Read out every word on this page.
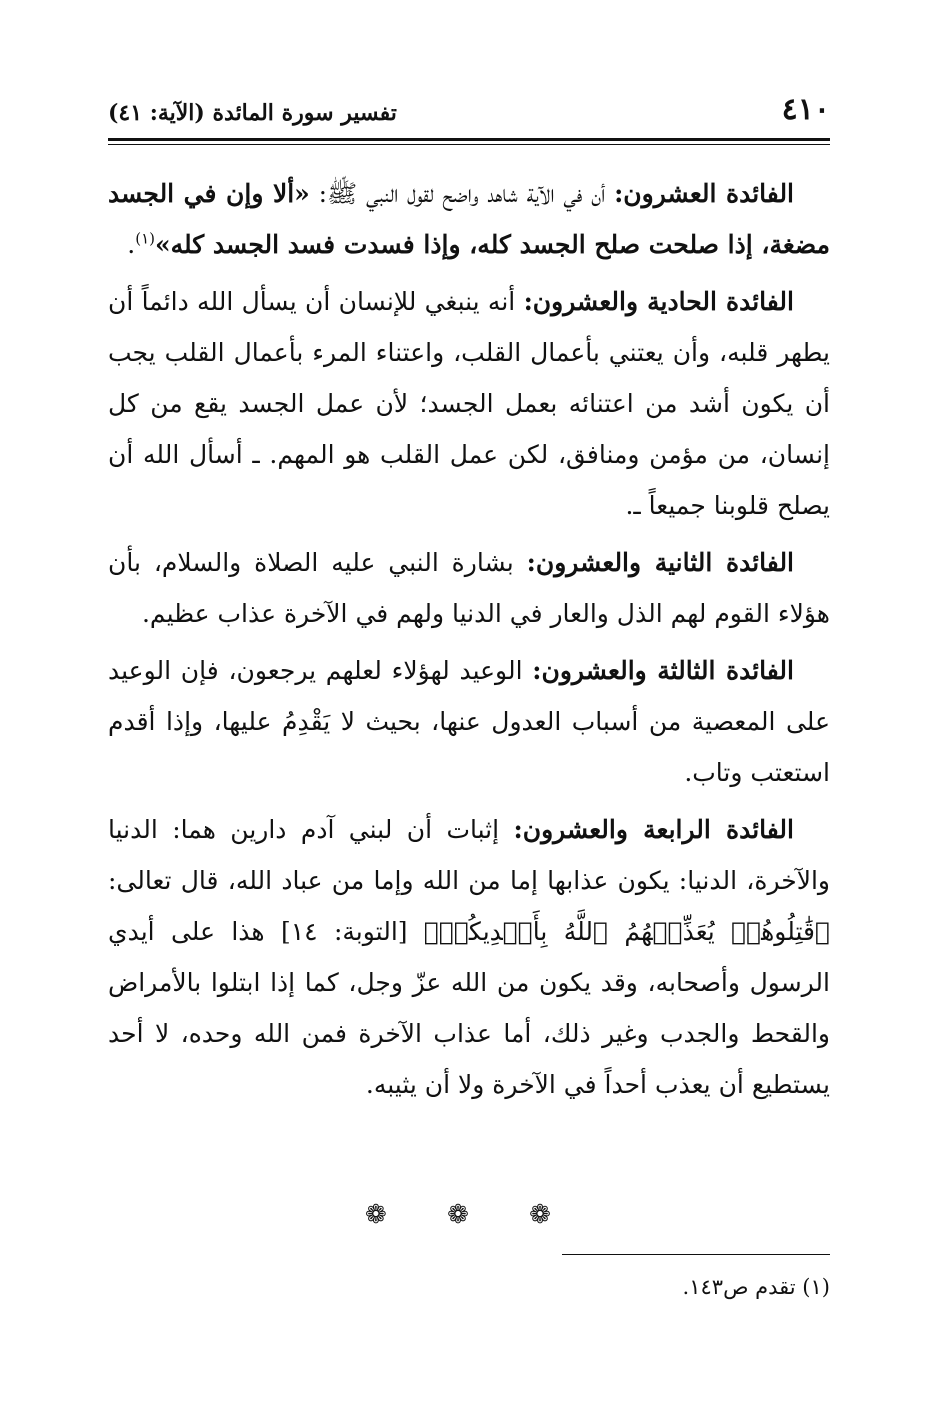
٤١٠
تفسير سورة المائدة (الآية: ٤١)

الفائدة العشرون: أن في الآية شاهد واضح لقول النبي ﷺ: «ألا وإن في الجسد مضغة، إذا صلحت صلح الجسد كله، وإذا فسدت فسد الجسد كله»$^{(١)}$.

الفائدة الحادية والعشرون: أنه ينبغي للإنسان أن يسأل الله دائماً أن يطهر قلبه، وأن يعتني بأعمال القلب، واعتناء المرء بأعمال القلب يجب أن يكون أشد من اعتنائه بعمل الجسد؛ لأن عمل الجسد يقع من كل إنسان، من مؤمن ومنافق، لكن عمل القلب هو المهم. ـ أسأل الله أن يصلح قلوبنا جميعاً ـ.

الفائدة الثانية والعشرون: بشارة النبي عليه الصلاة والسلام، بأن هؤلاء القوم لهم الذل والعار في الدنيا ولهم في الآخرة عذاب عظيم.

الفائدة الثالثة والعشرون: الوعيد لهؤلاء لعلهم يرجعون، فإن الوعيد على المعصية من أسباب العدول عنها، بحيث لا يَقْدِمُ عليها، وإذا أقدم استعتب وتاب.

الفائدة الرابعة والعشرون: إثبات أن لبني آدم دارين هما: الدنيا والآخرة، الدنيا: يكون عذابها إما من الله وإما من عباد الله، قال تعالى: ﴿قَٰتِلُوهُمۡ يُعَذِّبۡهُمُ ٱللَّهُ بِأَيۡدِيكُمۡ﴾ [التوبة: ١٤] هذا على أيدي الرسول وأصحابه، وقد يكون من الله عزّ وجل، كما إذا ابتلوا بالأمراض والقحط والجدب وغير ذلك، أما عذاب الآخرة فمن الله وحده، لا أحد يستطيع أن يعذب أحداً في الآخرة ولا أن يثيبه.

❁ ❁ ❁
(١) تقدم ص١٤٣.
